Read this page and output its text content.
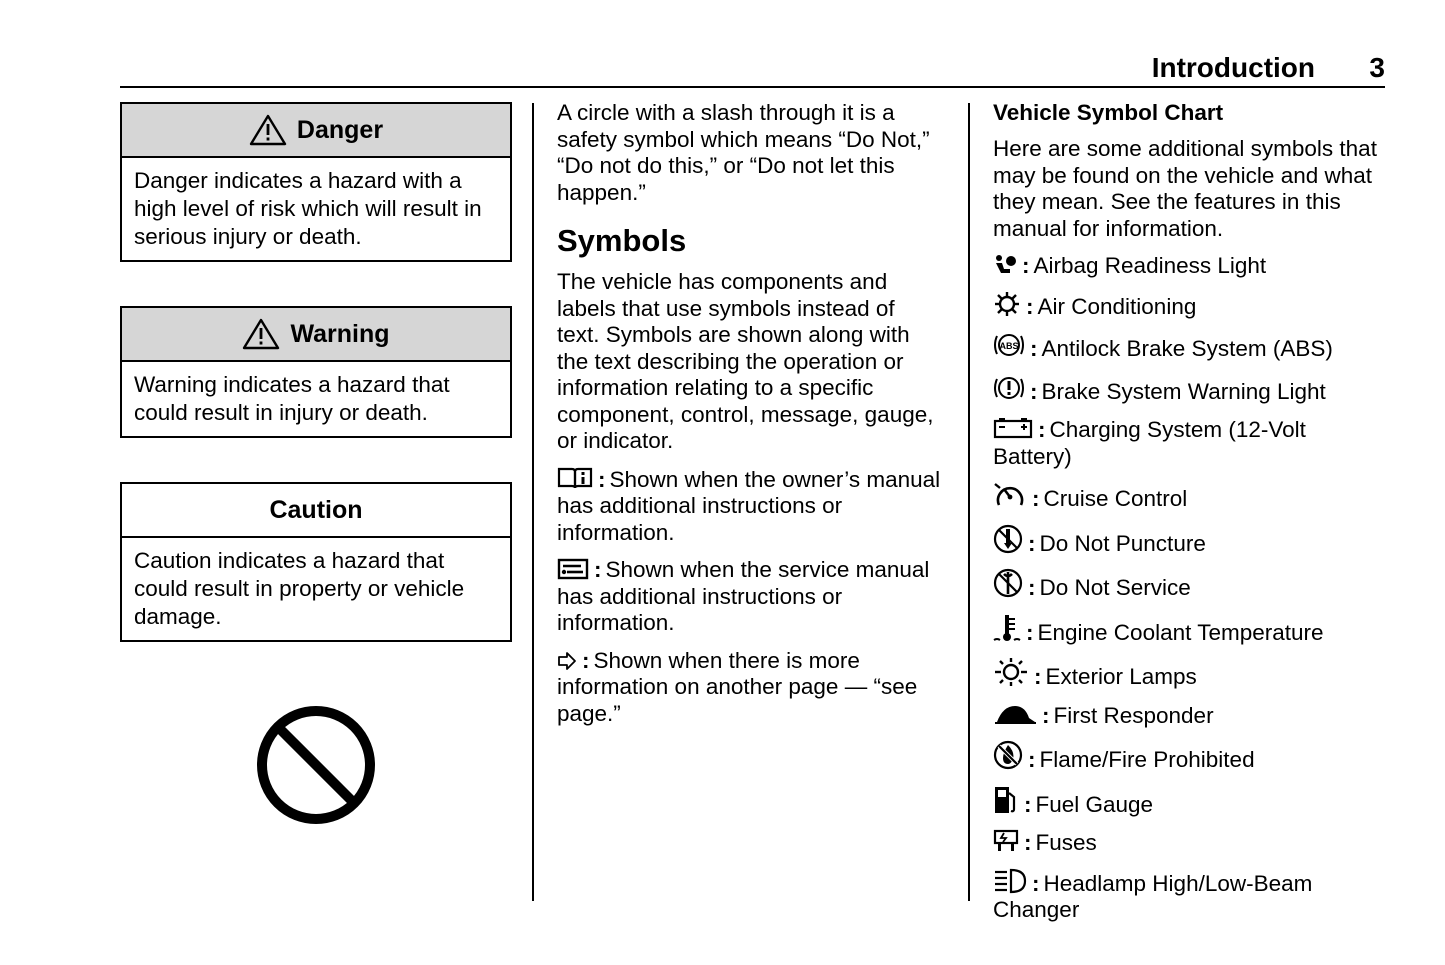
Introduction 3
Danger
Danger indicates a hazard with a high level of risk which will result in serious injury or death.
Warning
Warning indicates a hazard that could result in injury or death.
Caution
Caution indicates a hazard that could result in property or vehicle damage.

A circle with a slash through it is a safety symbol which means “Do Not,” “Do not do this,” or “Do not let this happen.”

Symbols

The vehicle has components and labels that use symbols instead of text. Symbols are shown along with the text describing the operation or information relating to a specific component, control, message, gauge, or indicator.

: Shown when the owner’s manual has additional instructions or information.

: Shown when the service manual has additional instructions or information.

: Shown when there is more information on another page — “see page.”

Vehicle Symbol Chart

Here are some additional symbols that may be found on the vehicle and what they mean. See the features in this manual for information.

: Airbag Readiness Light

: Air Conditioning

ABS : Antilock Brake System (ABS)

: Brake System Warning Light

: Charging System (12-Volt Battery)

: Cruise Control

: Do Not Puncture

: Do Not Service

: Engine Coolant Temperature

: Exterior Lamps

: First Responder

: Flame/Fire Prohibited

: Fuel Gauge

: Fuses

: Headlamp High/Low-Beam Changer
